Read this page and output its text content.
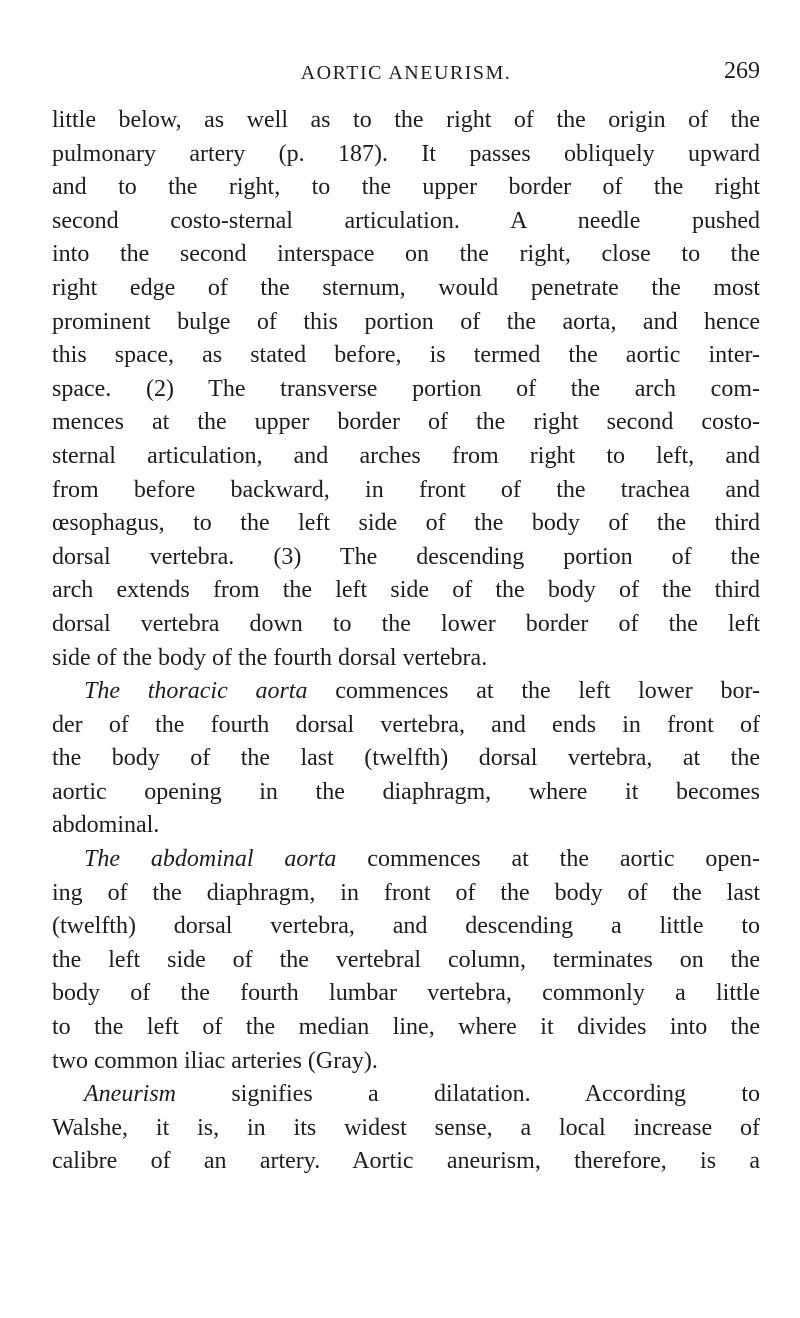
AORTIC ANEURISM.	269
little below, as well as to the right of the origin of the
pulmonary artery (p. 187). It passes obliquely upward
and to the right, to the upper border of the right
second costo-sternal articulation. A needle pushed
into the second interspace on the right, close to the
right edge of the sternum, would penetrate the most
prominent bulge of this portion of the aorta, and hence
this space, as stated before, is termed the aortic inter-
space. (2) The transverse portion of the arch com-
mences at the upper border of the right second costo-
sternal articulation, and arches from right to left, and
from before backward, in front of the trachea and
œsophagus, to the left side of the body of the third
dorsal vertebra. (3) The descending portion of the
arch extends from the left side of the body of the third
dorsal vertebra down to the lower border of the left
side of the body of the fourth dorsal vertebra.
The thoracic aorta commences at the left lower bor-
der of the fourth dorsal vertebra, and ends in front of
the body of the last (twelfth) dorsal vertebra, at the
aortic opening in the diaphragm, where it becomes
abdominal.
The abdominal aorta commences at the aortic open-
ing of the diaphragm, in front of the body of the last
(twelfth) dorsal vertebra, and descending a little to
the left side of the vertebral column, terminates on the
body of the fourth lumbar vertebra, commonly a little
to the left of the median line, where it divides into the
two common iliac arteries (Gray).
Aneurism signifies a dilatation. According to
Walshe, it is, in its widest sense, a local increase of
calibre of an artery. Aortic aneurism, therefore, is a
